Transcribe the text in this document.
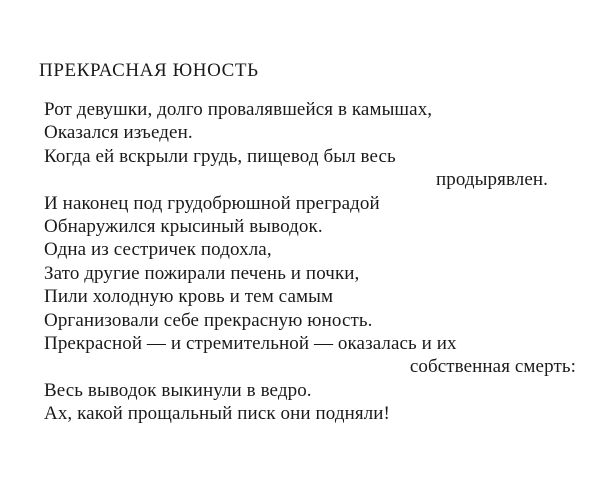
ПРЕКРАСНАЯ ЮНОСТЬ
Рот девушки, долго провалявшейся в камышах,
Оказался изъеден.
Когда ей вскрыли грудь, пищевод был весь
продырявлен.
И наконец под грудобрюшной преградой
Обнаружился крысиный выводок.
Одна из сестричек подохла,
Зато другие пожирали печень и почки,
Пили холодную кровь и тем самым
Организовали себе прекрасную юность.
Прекрасной — и стремительной — оказалась и их
собственная смерть:
Весь выводок выкинули в ведро.
Ах, какой прощальный писк они подняли!
